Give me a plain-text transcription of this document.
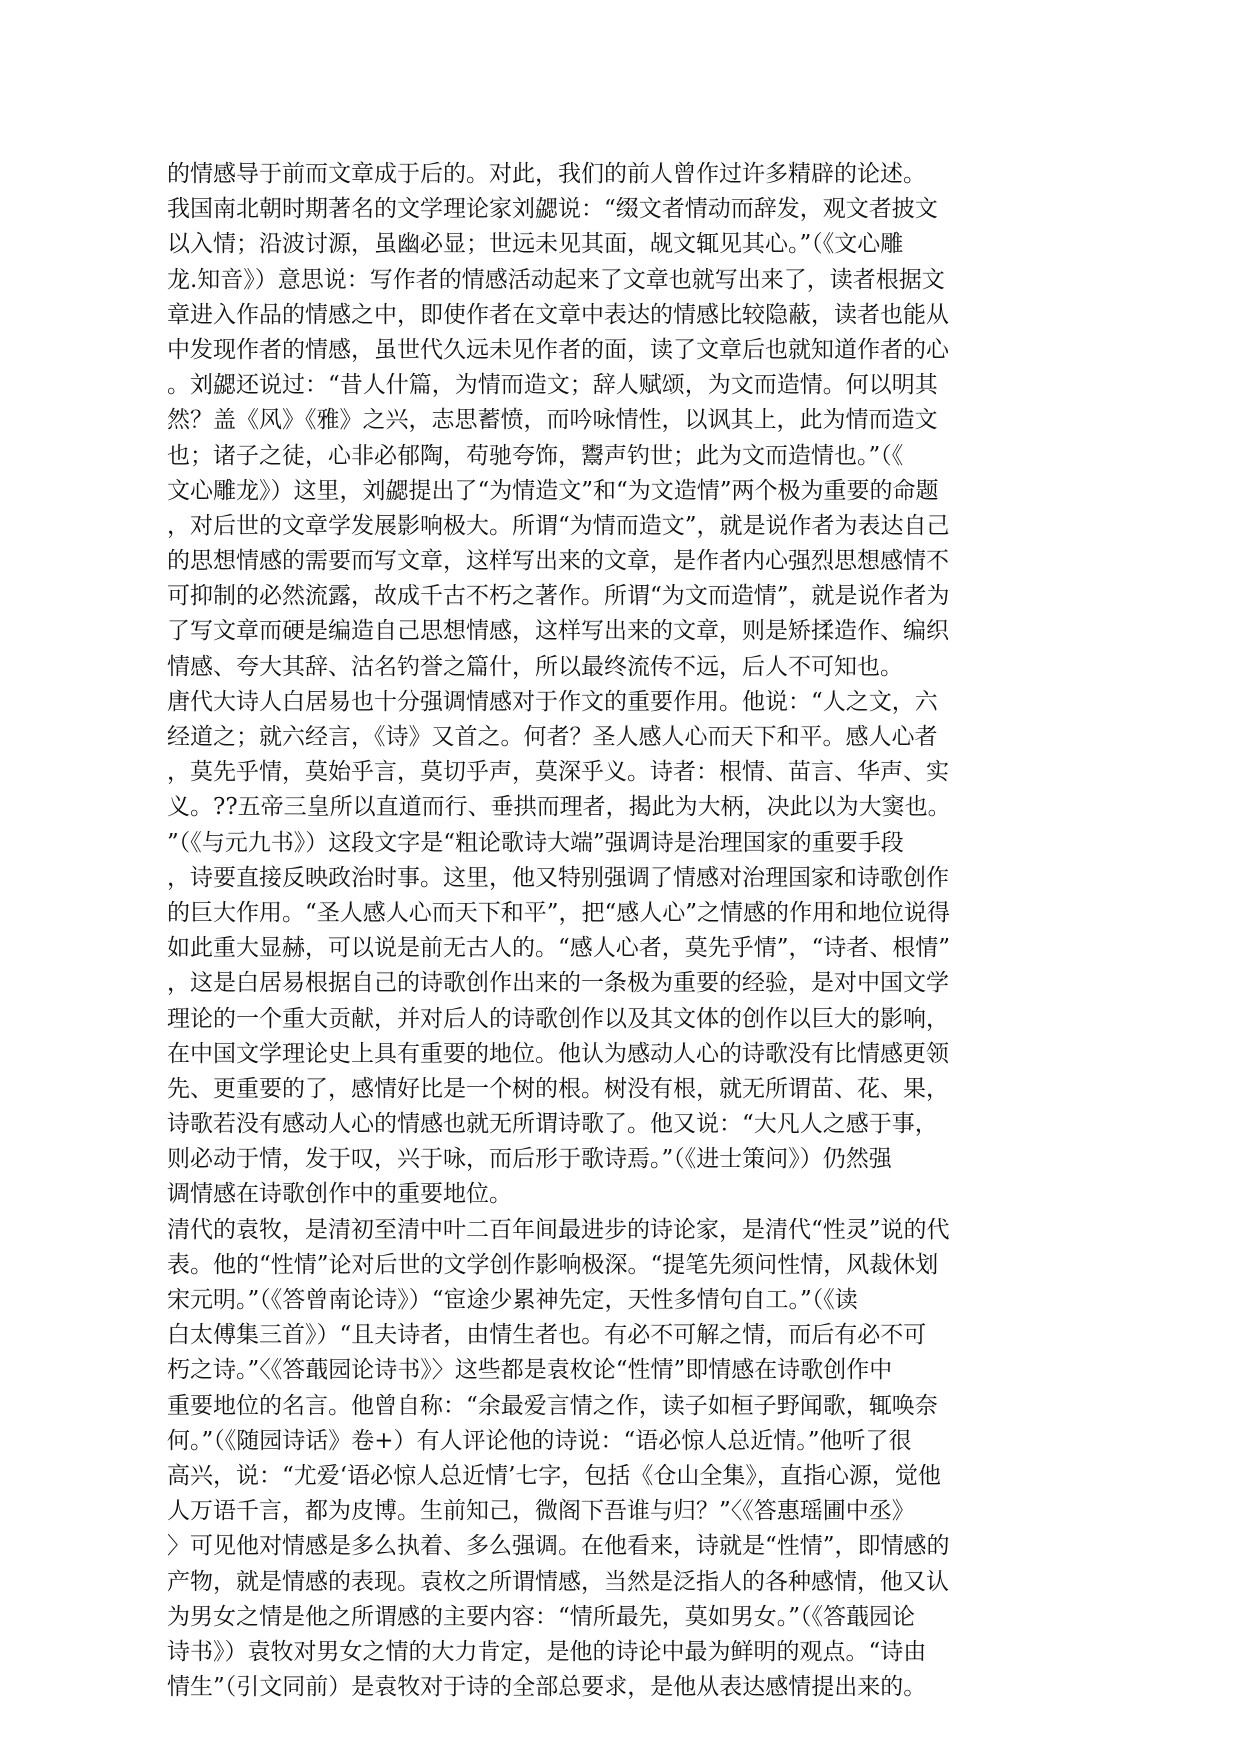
的情感导于前而文章成于后的。对此，我们的前人曾作过许多精辟的论述。
我国南北朝时期著名的文学理论家刘勰说：“缀文者情动而辞发，观文者披文
以入情；沿波讨源，虽幽必显；世远未见其面，觇文辄见其心。”（《文心雕
龙.知音》）意思说：写作者的情感活动起来了文章也就写出来了，读者根据文
章进入作品的情感之中，即使作者在文章中表达的情感比较隐蔽，读者也能从
中发现作者的情感，虽世代久远未见作者的面，读了文章后也就知道作者的心
。刘勰还说过：“昔人什篇，为情而造文；辞人赋颂，为文而造情。何以明其
然？盖《风》《雅》之兴，志思蓄愤，而吟咏情性，以讽其上，此为情而造文
也；诸子之徒，心非必郁陶，苟驰夸饰，鬻声钓世；此为文而造情也。”（《
文心雕龙》）这里，刘勰提出了“为情造文”和“为文造情”两个极为重要的命题
，对后世的文章学发展影响极大。所谓“为情而造文”，就是说作者为表达自己
的思想情感的需要而写文章，这样写出来的文章，是作者内心强烈思想感情不
可抑制的必然流露，故成千古不朽之著作。所谓“为文而造情”，就是说作者为
了写文章而硬是编造自己思想情感，这样写出来的文章，则是矫揉造作、编织
情感、夸大其辞、沽名钓誉之篇什，所以最终流传不远，后人不可知也。
唐代大诗人白居易也十分强调情感对于作文的重要作用。他说：“人之文，六
经道之；就六经言，《诗》又首之。何者？圣人感人心而天下和平。感人心者
，莫先乎情，莫始乎言，莫切乎声，莫深乎义。诗者：根情、苗言、华声、实
义。??五帝三皇所以直道而行、垂拱而理者，揭此为大柄，决此以为大窦也。
”（《与元九书》）这段文字是“粗论歌诗大端”强调诗是治理国家的重要手段
，诗要直接反映政治时事。这里，他又特别强调了情感对治理国家和诗歌创作
的巨大作用。“圣人感人心而天下和平”，把“感人心”之情感的作用和地位说得
如此重大显赫，可以说是前无古人的。“感人心者，莫先乎情”，“诗者、根情”
，这是白居易根据自己的诗歌创作出来的一条极为重要的经验，是对中国文学
理论的一个重大贡献，并对后人的诗歌创作以及其文体的创作以巨大的影响，
在中国文学理论史上具有重要的地位。他认为感动人心的诗歌没有比情感更领
先、更重要的了，感情好比是一个树的根。树没有根，就无所谓苗、花、果，
诗歌若没有感动人心的情感也就无所谓诗歌了。他又说：“大凡人之感于事，
则必动于情，发于叹，兴于咏，而后形于歌诗焉。”（《进士策问》）仍然强
调情感在诗歌创作中的重要地位。
清代的袁牧，是清初至清中叶二百年间最进步的诗论家，是清代“性灵”说的代
表。他的“性情”论对后世的文学创作影响极深。“提笔先须问性情，风裁休划
宋元明。”（《答曾南论诗》）“宦途少累神先定，天性多情句自工。”（《读
白太傅集三首》）“且夫诗者，由情生者也。有必不可解之情，而后有必不可
朽之诗。”〈《答蕺园论诗书》〉这些都是袁枚论“性情”即情感在诗歌创作中
重要地位的名言。他曾自称：“余最爱言情之作，读子如桓子野闻歌，辄唤奈
何。”（《随园诗话》卷+）有人评论他的诗说：“语必惊人总近情。”他听了很
高兴，说：“尤爱‘语必惊人总近情’七字，包括《仓山全集》，直指心源，觉他
人万语千言，都为皮博。生前知己，微阁下吾谁与归？”〈《答惠瑶圃中丞》
〉可见他对情感是多么执着、多么强调。在他看来，诗就是“性情”，即情感的
产物，就是情感的表现。袁枚之所谓情感，当然是泛指人的各种感情，他又认
为男女之情是他之所谓感的主要内容：“情所最先，莫如男女。”（《答蕺园论
诗书》）袁牧对男女之情的大力肯定，是他的诗论中最为鲜明的观点。“诗由
情生”（引文同前）是袁牧对于诗的全部总要求，是他从表达感情提出来的。
